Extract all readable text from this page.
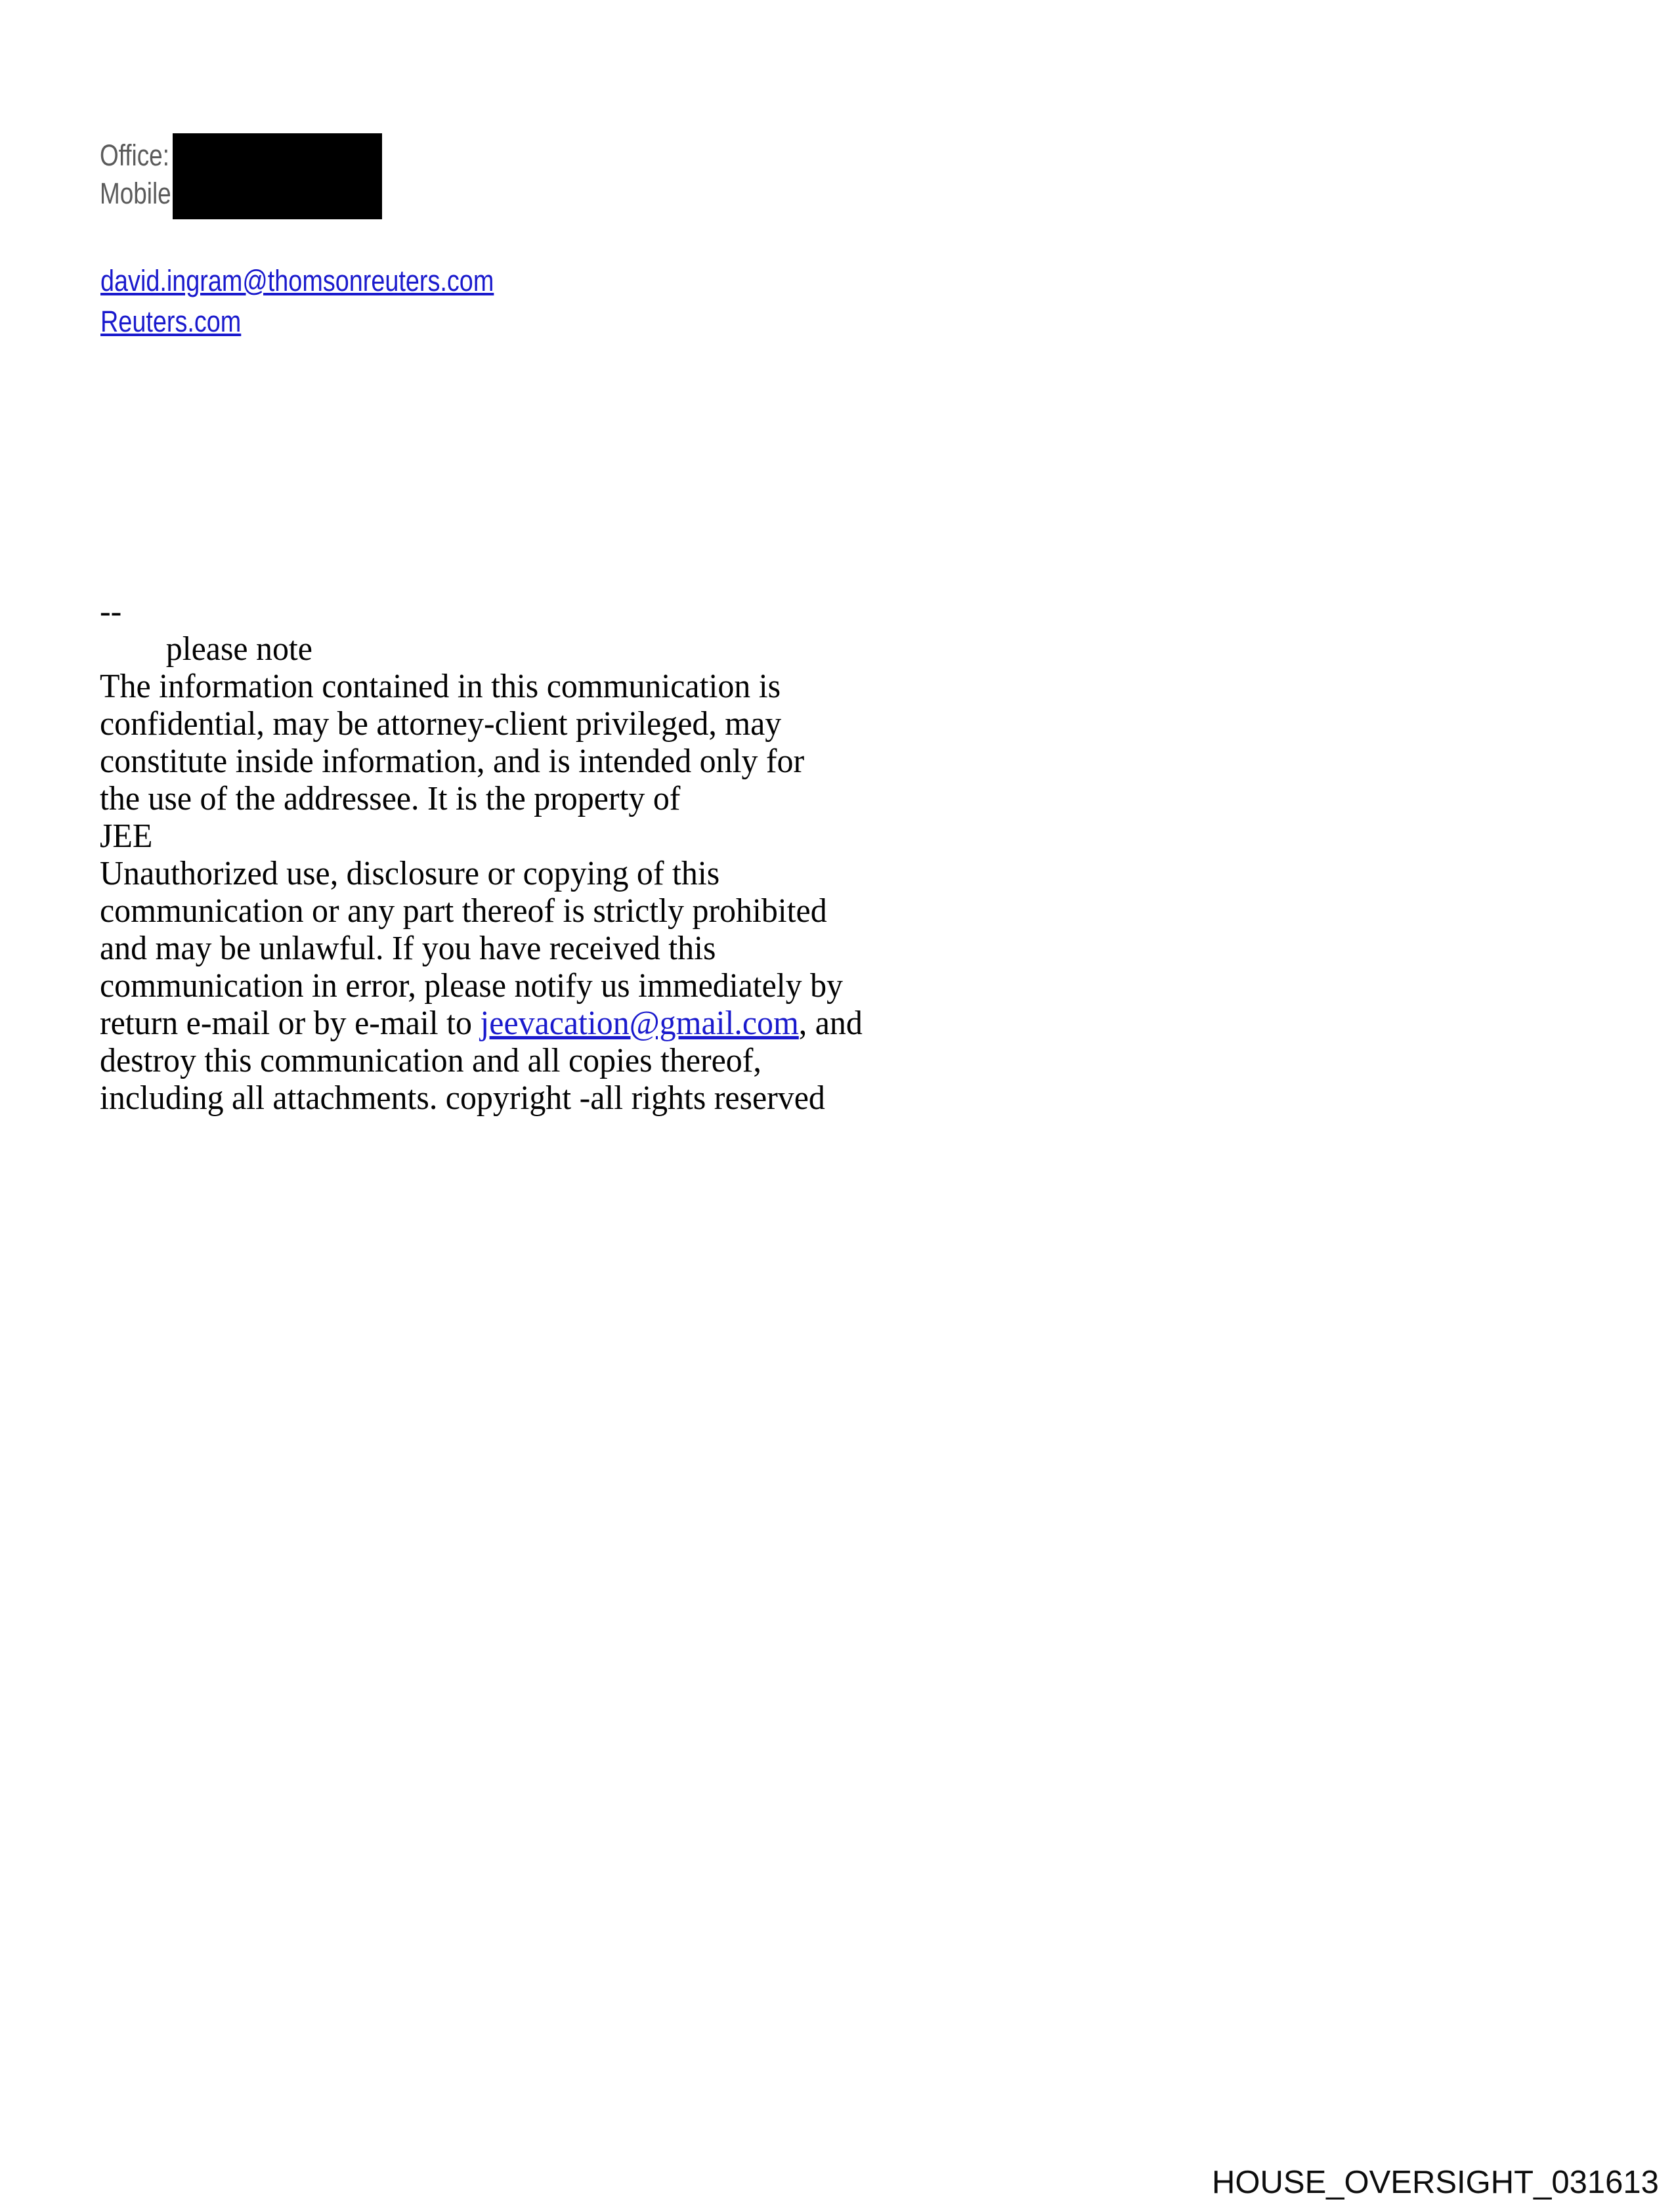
Office:
Mobile
david.ingram@thomsonreuters.com
Reuters.com
--
please note
The information contained in this communication is
confidential, may be attorney-client privileged, may
constitute inside information, and is intended only for
the use of the addressee. It is the property of
JEE
Unauthorized use, disclosure or copying of this
communication or any part thereof is strictly prohibited
and may be unlawful. If you have received this
communication in error, please notify us immediately by
return e-mail or by e-mail to jeevacation@gmail.com, and
destroy this communication and all copies thereof,
including all attachments. copyright -all rights reserved
HOUSE_OVERSIGHT_031613
